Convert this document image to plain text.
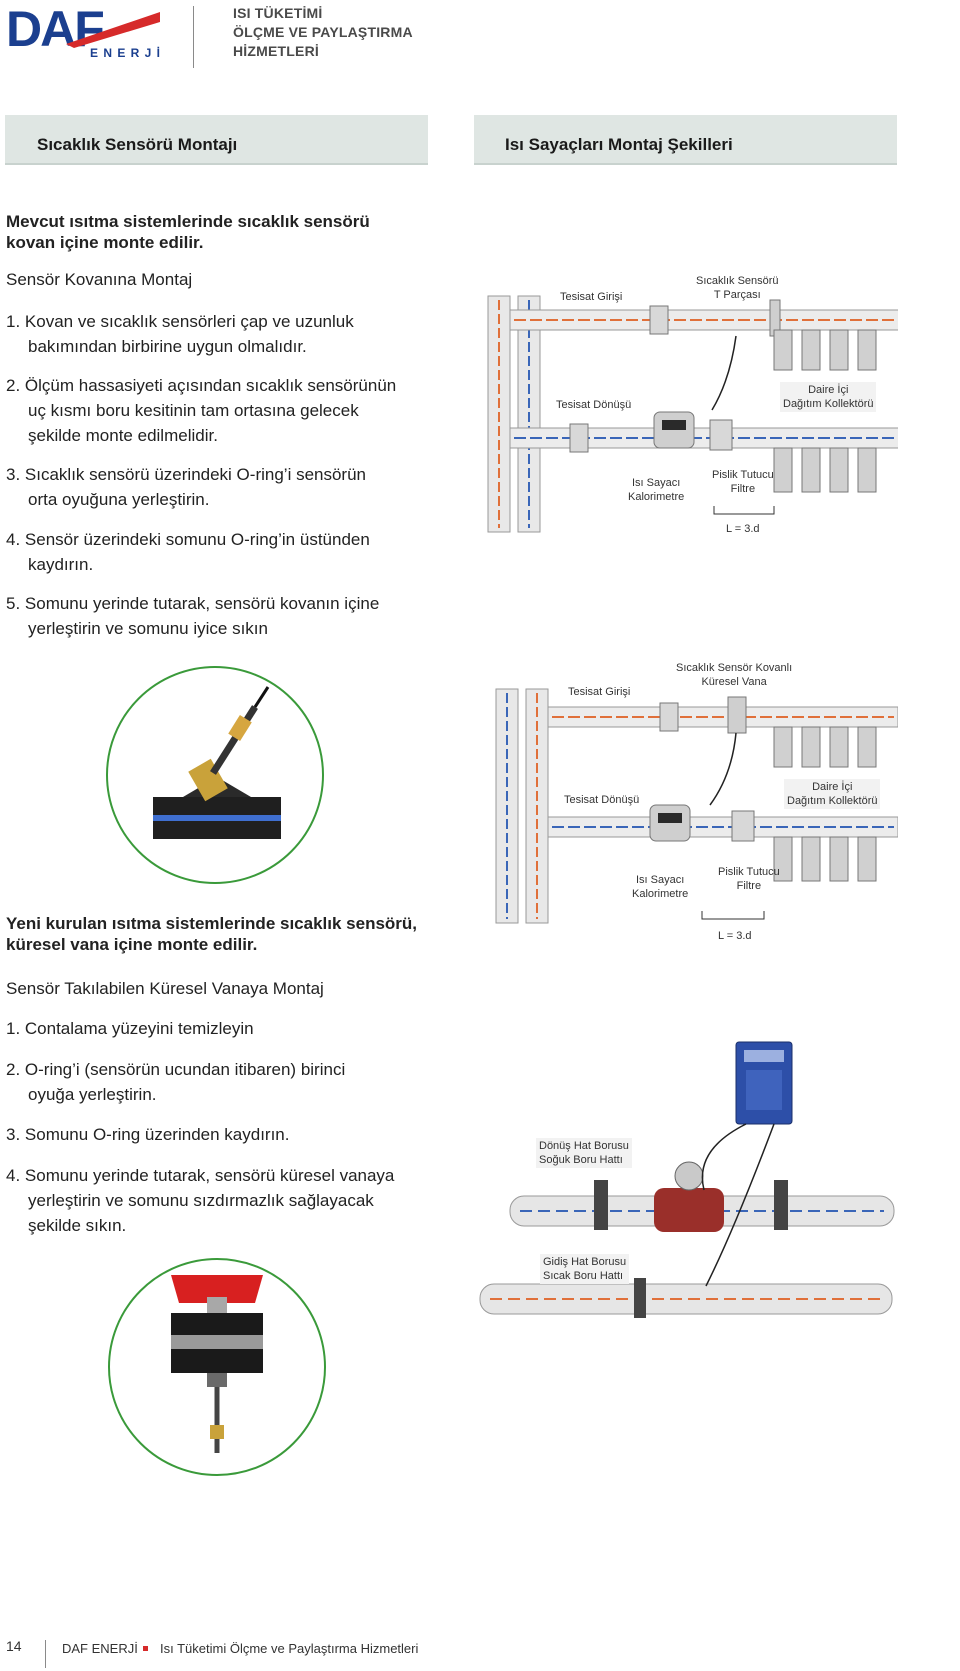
DAF
E N E R J İ
ISI TÜKETİMİ
ÖLÇME VE PAYLAŞTIRMA
HİZMETLERİ
Sıcaklık Sensörü Montajı	Isı Sayaçları Montaj Şekilleri
Mevcut ısıtma sistemlerinde sıcaklık sensörü
kovan içine monte edilir.
Sensör Kovanına Montaj
1. Kovan ve sıcaklık sensörleri çap ve uzunluk
bakımından birbirine uygun olmalıdır.
2. Ölçüm hassasiyeti açısından sıcaklık sensörünün
uç kısmı boru kesitinin tam ortasına gelecek
şekilde monte edilmelidir.
3. Sıcaklık sensörü üzerindeki O-ring’i sensörün
orta oyuğuna yerleştirin.
4. Sensör üzerindeki somunu O-ring’in üstünden
kaydırın.
5. Somunu yerinde tutarak, sensörü kovanın içine
yerleştirin ve somunu iyice sıkın
Yeni kurulan ısıtma sistemlerinde sıcaklık sensörü,
küresel vana içine monte edilir.
Sensör Takılabilen Küresel Vanaya Montaj
1. Contalama yüzeyini temizleyin
2. O-ring’i (sensörün ucundan itibaren) birinci
oyuğa yerleştirin.
3. Somunu O-ring üzerinden kaydırın.
4. Somunu yerinde tutarak, sensörü küresel vanaya
yerleştirin ve somunu sızdırmazlık sağlayacak
şekilde sıkın.
Tesisat Girişi
Sıcaklık Sensörü
T Parçası
Tesisat Dönüşü
Daire İçi
Dağıtım Kollektörü
Isı Sayacı
Kalorimetre
Pislik Tutucu
Filtre
L = 3.d
Tesisat Girişi
Sıcaklık Sensör Kovanlı
Küresel Vana
Tesisat Dönüşü
Daire İçi
Dağıtım Kollektörü
Isı Sayacı
Kalorimetre
Pislik Tutucu
Filtre
L = 3.d
Dönüş Hat Borusu
Soğuk Boru Hattı
Gidiş Hat Borusu
Sıcak Boru Hattı
14	DAF ENERJİ Isı Tüketimi Ölçme ve Paylaştırma Hizmetleri
